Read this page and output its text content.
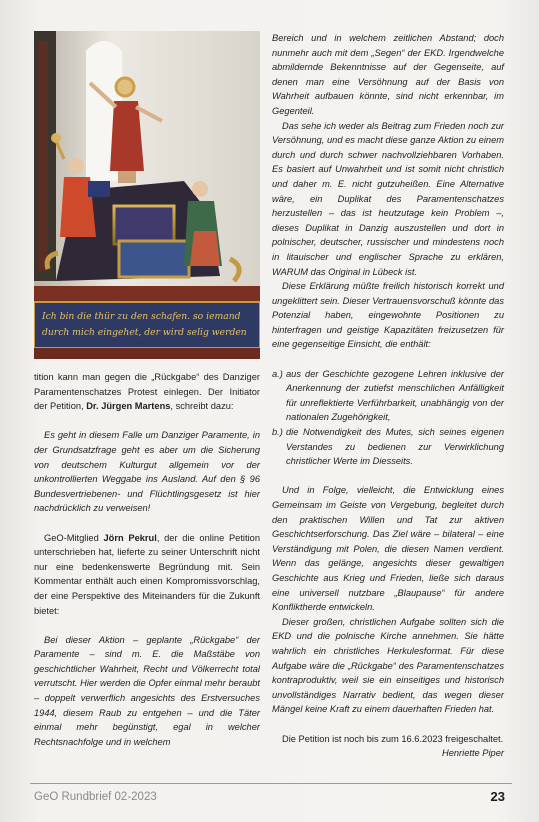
Ich bin die thür zu den schafen. so iemand
durch mich eingehet, der wird selig werden

tition kann man gegen die „Rückgabe“ des Danziger Paramentenschatzes Protest einlegen. Der Initiator der Petition, Dr. Jürgen Martens, schreibt dazu:

Es geht in diesem Falle um Danziger Paramente, in der Grundsatzfrage geht es aber um die Sicherung von deutschem Kulturgut allgemein vor der unkontrollierten Weggabe ins Ausland. Auf den § 96 Bundesvertriebenen- und Flüchtlingsgesetz ist hier nachdrücklich zu verweisen!

GeO-Mitglied Jörn Pekrul, der die online Petition unterschrieben hat, lieferte zu seiner Unterschrift nicht nur eine bedenkenswerte Begründung mit. Sein Kommentar enthält auch einen Kompromissvorschlag, der eine Perspektive des Miteinanders für die Zukunft bietet:

Bei dieser Aktion – geplante „Rückgabe“ der Paramente – sind m. E. die Maßstäbe von geschichtlicher Wahrheit, Recht und Völkerrecht total verrutscht. Hier werden die Opfer einmal mehr beraubt – doppelt verwerflich angesichts des Erstversuches 1944, diesem Raub zu entgehen – und die Täter einmal mehr begünstigt, egal in welcher Rechtsnachfolge und in welchem

Bereich und in welchem zeitlichen Abstand; doch nunmehr auch mit dem „Segen“ der EKD. Irgendwelche abmildernde Bekenntnisse auf der Gegenseite, auf denen man eine Versöhnung auf der Basis von Wahrheit aufbauen könnte, sind nicht erkennbar, im Gegenteil.

Das sehe ich weder als Beitrag zum Frieden noch zur Versöhnung, und es macht diese ganze Aktion zu einem durch und durch schwer nachvollziehbaren Vorhaben. Es basiert auf Unwahrheit und ist somit nicht christlich und daher m. E. nicht gutzuheißen. Eine Alternative wäre, ein Duplikat des Paramentenschatzes herzustellen – das ist heutzutage kein Problem –, dieses Duplikat in Danzig auszustellen und dort in polnischer, deutscher, russischer und mindestens noch in litauischer und englischer Sprache zu erklären, WARUM das Original in Lübeck ist.

Diese Erklärung müßte freilich historisch korrekt und ungeklittert sein. Dieser Vertrauensvorschuß könnte das Potenzial haben, eingewohnte Positionen zu hinterfragen und geistige Kapazitäten freizusetzen für eine gegenseitige Einsicht, die enthält:

a.) aus der Geschichte gezogene Lehren inklusive der Anerkennung der zutiefst menschlichen Anfälligkeit für unreflektierte Verführbarkeit, unabhängig von der nationalen Zugehörigkeit,
b.) die Notwendigkeit des Mutes, sich seines eigenen Verstandes zu bedienen zur Verwirklichung christlicher Werte im Diesseits.

Und in Folge, vielleicht, die Entwicklung eines Gemeinsam im Geiste von Vergebung, begleitet durch den praktischen Willen und Tat zur aktiven Geschichtserforschung. Das Ziel wäre – bilateral – eine Verständigung mit Polen, die diesen Namen verdient. Wenn das gelänge, angesichts dieser gewaltigen Geschichte aus Krieg und Frieden, ließe sich daraus eine universell nutzbare „Blaupause“ für andere Konfliktherde entwickeln.

Dieser großen, christlichen Aufgabe sollten sich die EKD und die polnische Kirche annehmen. Sie hätte wahrlich ein christliches Herkulesformat. Für diese Aufgabe wäre die „Rückgabe“ des Paramentenschatzes kontraproduktiv, weil sie ein einseitiges und historisch unvollständiges Narrativ bedient, das wegen dieser Mängel keine Kraft zu einem dauerhaften Frieden hat.

Die Petition ist noch bis zum 16.6.2023 freigeschaltet.

Henriette Piper

GeO Rundbrief 02-2023	23
